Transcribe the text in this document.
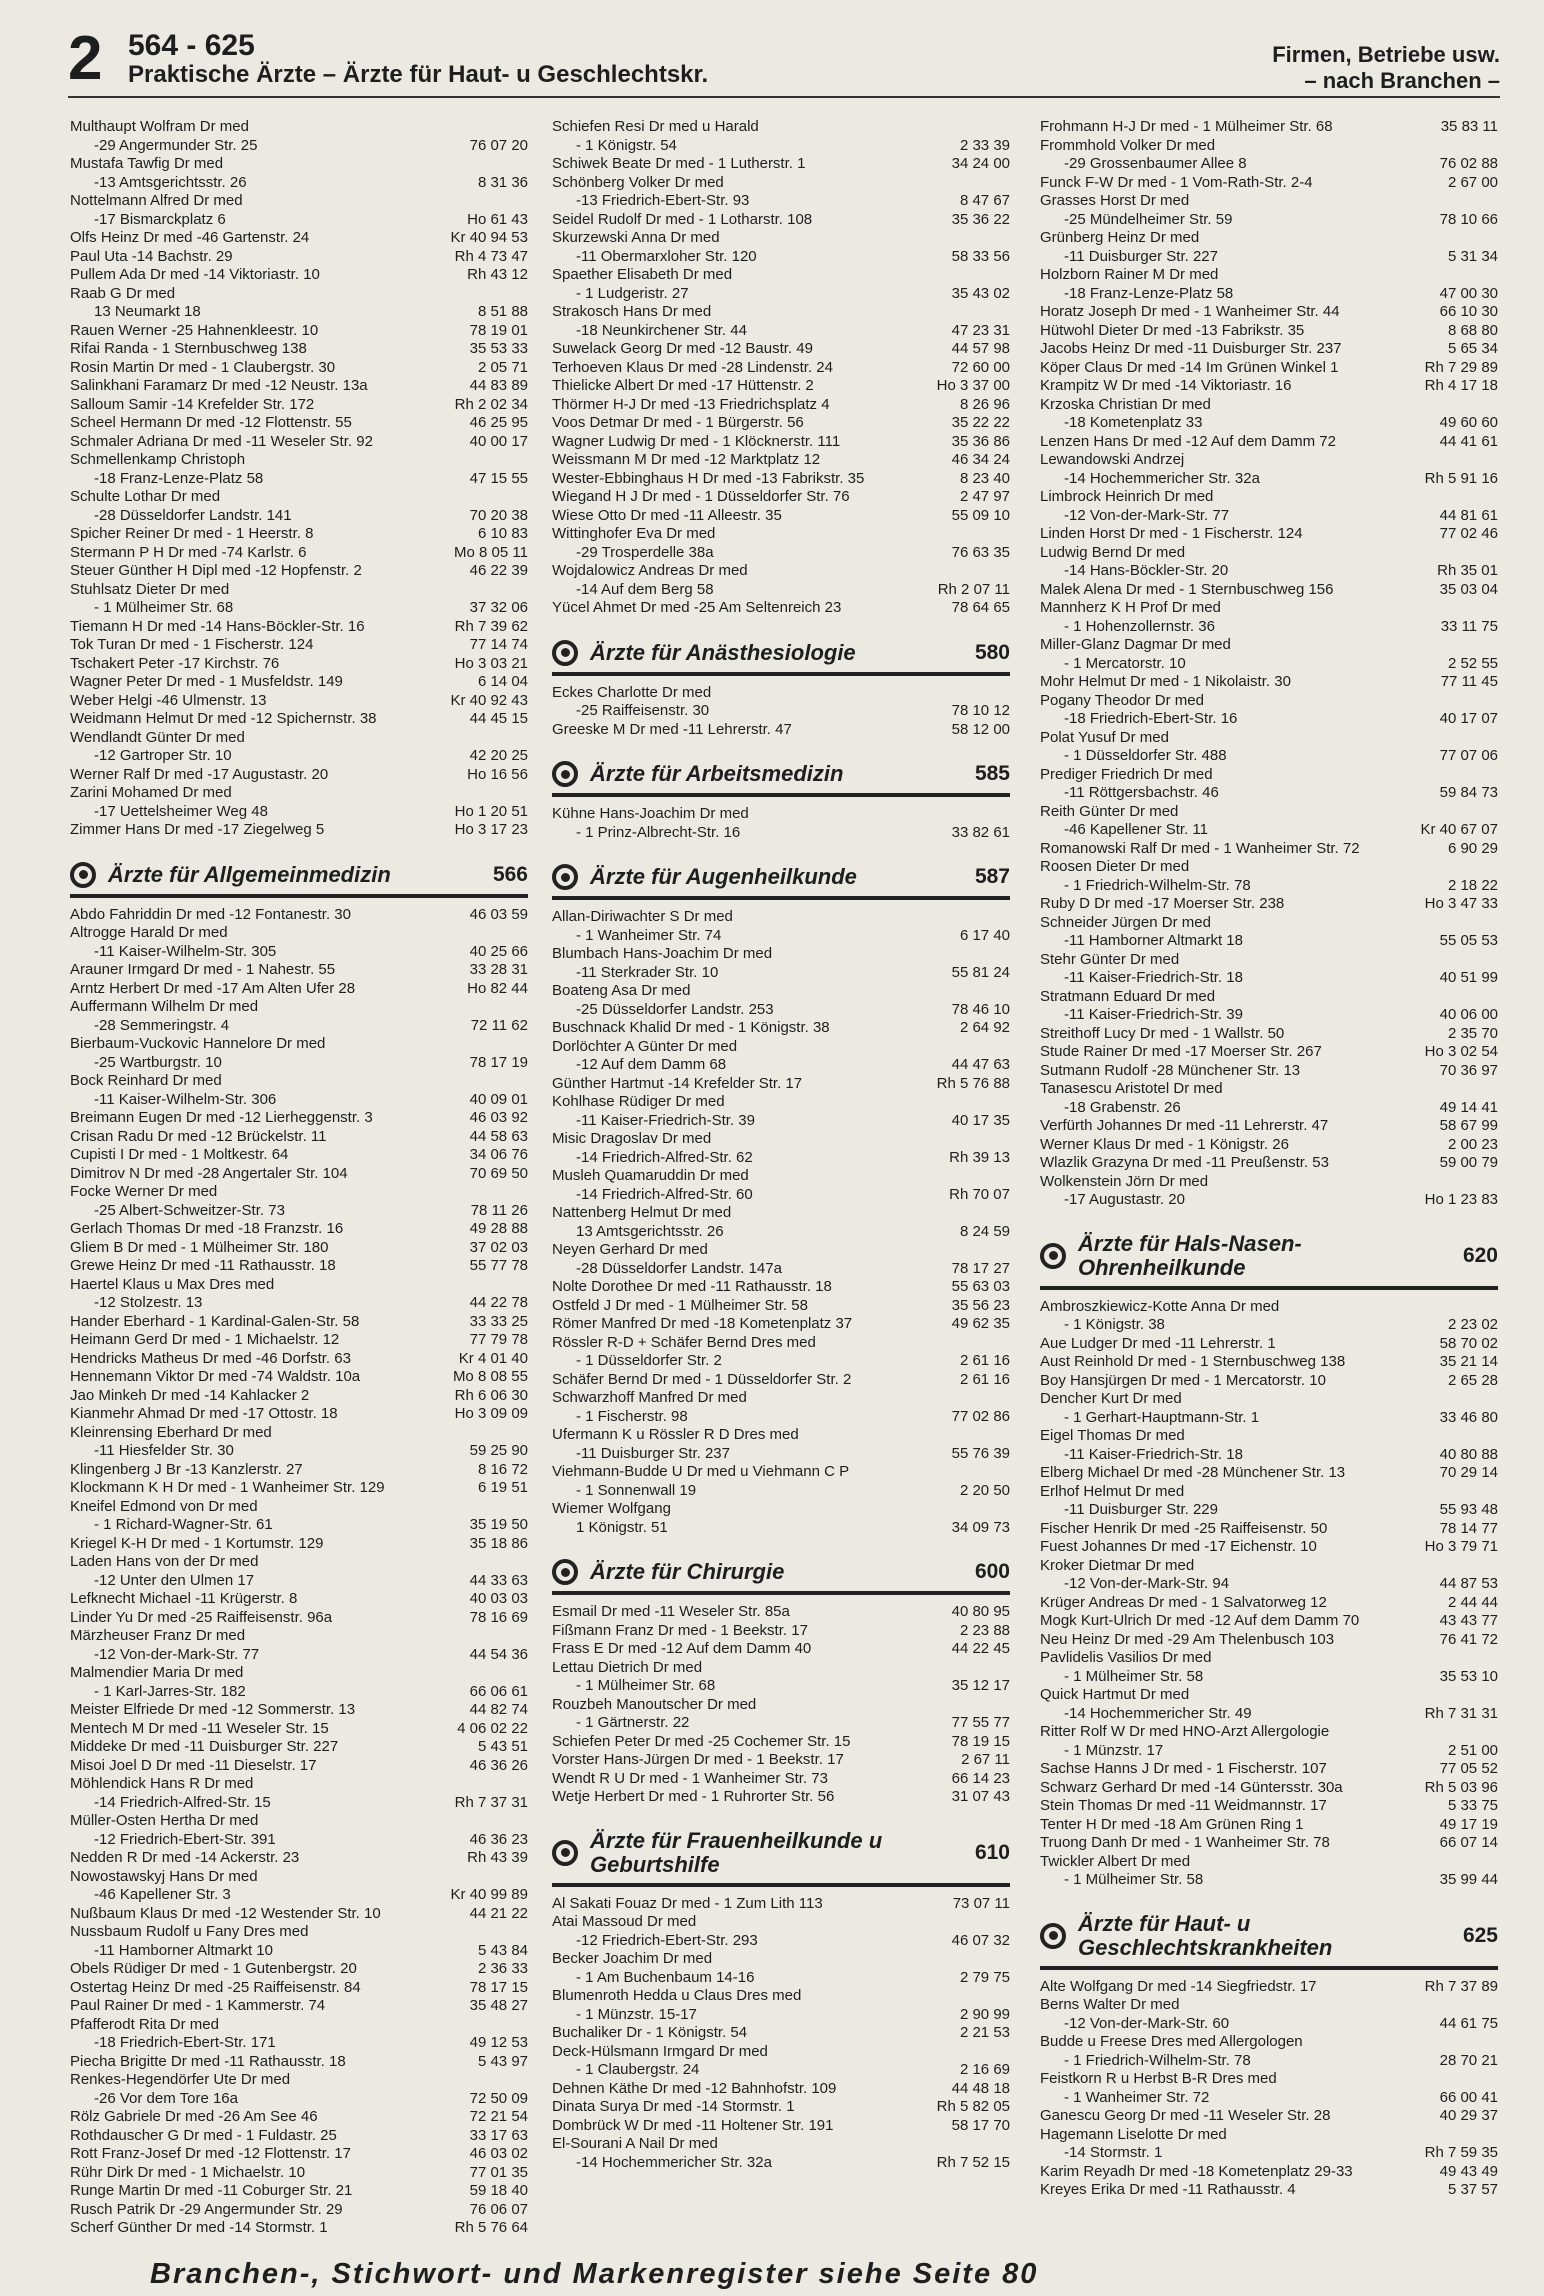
2 564 - 625
Praktische Ärzte – Ärzte für Haut- u Geschlechtskr.
Firmen, Betriebe usw.
– nach Branchen –
Multhaupt Wolfram Dr med
-29 Angermunder Str. 25	76 07 20
Mustafa Tawfig Dr med
-13 Amtsgerichtsstr. 26	8 31 36
Nottelmann Alfred Dr med
-17 Bismarckplatz 6	Ho 61 43
Olfs Heinz Dr med -46 Gartenstr. 24	Kr 40 94 53
Paul Uta -14 Bachstr. 29	Rh 4 73 47
Pullem Ada Dr med -14 Viktoriastr. 10	Rh 43 12
Raab G Dr med
13 Neumarkt 18	8 51 88
Rauen Werner -25 Hahnenkleestr. 10	78 19 01
Rifai Randa - 1 Sternbuschweg 138	35 53 33
Rosin Martin Dr med - 1 Claubergstr. 30	2 05 71
Salinkhani Faramarz Dr med -12 Neustr. 13a	44 83 89
Salloum Samir -14 Krefelder Str. 172	Rh 2 02 34
Scheel Hermann Dr med -12 Flottenstr. 55	46 25 95
Schmaler Adriana Dr med -11 Weseler Str. 92	40 00 17
Schmellenkamp Christoph
-18 Franz-Lenze-Platz 58	47 15 55
Schulte Lothar Dr med
-28 Düsseldorfer Landstr. 141	70 20 38
Spicher Reiner Dr med - 1 Heerstr. 8	6 10 83
Stermann P H Dr med -74 Karlstr. 6	Mo 8 05 11
Steuer Günther H Dipl med -12 Hopfenstr. 2	46 22 39
Stuhlsatz Dieter Dr med
- 1 Mülheimer Str. 68	37 32 06
Tiemann H Dr med -14 Hans-Böckler-Str. 16	Rh 7 39 62
Tok Turan Dr med - 1 Fischerstr. 124	77 14 74
Tschakert Peter -17 Kirchstr. 76	Ho 3 03 21
Wagner Peter Dr med - 1 Musfeldstr. 149	6 14 04
Weber Helgi -46 Ulmenstr. 13	Kr 40 92 43
Weidmann Helmut Dr med -12 Spichernstr. 38	44 45 15
Wendlandt Günter Dr med
-12 Gartroper Str. 10	42 20 25
Werner Ralf Dr med -17 Augustastr. 20	Ho 16 56
Zarini Mohamed Dr med
-17 Uettelsheimer Weg 48	Ho 1 20 51
Zimmer Hans Dr med -17 Ziegelweg 5	Ho 3 17 23
Ärzte für Allgemeinmedizin	566
Abdo Fahriddin Dr med -12 Fontanestr. 30	46 03 59
Altrogge Harald Dr med
-11 Kaiser-Wilhelm-Str. 305	40 25 66
Arauner Irmgard Dr med - 1 Nahestr. 55	33 28 31
Arntz Herbert Dr med -17 Am Alten Ufer 28	Ho 82 44
Auffermann Wilhelm Dr med
-28 Semmeringstr. 4	72 11 62
Bierbaum-Vuckovic Hannelore Dr med
-25 Wartburgstr. 10	78 17 19
Bock Reinhard Dr med
-11 Kaiser-Wilhelm-Str. 306	40 09 01
Breimann Eugen Dr med -12 Lierheggenstr. 3	46 03 92
Crisan Radu Dr med -12 Brückelstr. 11	44 58 63
Cupisti I Dr med - 1 Moltkestr. 64	34 06 76
Dimitrov N Dr med -28 Angertaler Str. 104	70 69 50
Focke Werner Dr med
-25 Albert-Schweitzer-Str. 73	78 11 26
Gerlach Thomas Dr med -18 Franzstr. 16	49 28 88
Gliem B Dr med - 1 Mülheimer Str. 180	37 02 03
Grewe Heinz Dr med -11 Rathausstr. 18	55 77 78
Haertel Klaus u Max Dres med
-12 Stolzestr. 13	44 22 78
Hander Eberhard - 1 Kardinal-Galen-Str. 58	33 33 25
Heimann Gerd Dr med - 1 Michaelstr. 12	77 79 78
Hendricks Matheus Dr med -46 Dorfstr. 63	Kr 4 01 40
Hennemann Viktor Dr med -74 Waldstr. 10a	Mo 8 08 55
Jao Minkeh Dr med -14 Kahlacker 2	Rh 6 06 30
Kianmehr Ahmad Dr med -17 Ottostr. 18	Ho 3 09 09
Kleinrensing Eberhard Dr med
-11 Hiesfelder Str. 30	59 25 90
Klingenberg J Br -13 Kanzlerstr. 27	8 16 72
Klockmann K H Dr med - 1 Wanheimer Str. 129	6 19 51
Kneifel Edmond von Dr med
- 1 Richard-Wagner-Str. 61	35 19 50
Kriegel K-H Dr med - 1 Kortumstr. 129	35 18 86
Laden Hans von der Dr med
-12 Unter den Ulmen 17	44 33 63
Lefknecht Michael -11 Krügerstr. 8	40 03 03
Linder Yu Dr med -25 Raiffeisenstr. 96a	78 16 69
Märzheuser Franz Dr med
-12 Von-der-Mark-Str. 77	44 54 36
Malmendier Maria Dr med
- 1 Karl-Jarres-Str. 182	66 06 61
Meister Elfriede Dr med -12 Sommerstr. 13	44 82 74
Mentech M Dr med -11 Weseler Str. 15	4 06 02 22
Middeke Dr med -11 Duisburger Str. 227	5 43 51
Misoi Joel D Dr med -11 Dieselstr. 17	46 36 26
Möhlendick Hans R Dr med
-14 Friedrich-Alfred-Str. 15	Rh 7 37 31
Müller-Osten Hertha Dr med
-12 Friedrich-Ebert-Str. 391	46 36 23
Nedden R Dr med -14 Ackerstr. 23	Rh 43 39
Nowostawskyj Hans Dr med
-46 Kapellener Str. 3	Kr 40 99 89
Nußbaum Klaus Dr med -12 Westender Str. 10	44 21 22
Nussbaum Rudolf u Fany Dres med
-11 Hamborner Altmarkt 10	5 43 84
Obels Rüdiger Dr med - 1 Gutenbergstr. 20	2 36 33
Ostertag Heinz Dr med -25 Raiffeisenstr. 84	78 17 15
Paul Rainer Dr med - 1 Kammerstr. 74	35 48 27
Pfafferodt Rita Dr med
-18 Friedrich-Ebert-Str. 171	49 12 53
Piecha Brigitte Dr med -11 Rathausstr. 18	5 43 97
Renkes-Hegendörfer Ute Dr med
-26 Vor dem Tore 16a	72 50 09
Rölz Gabriele Dr med -26 Am See 46	72 21 54
Rothdauscher G Dr med - 1 Fuldastr. 25	33 17 63
Rott Franz-Josef Dr med -12 Flottenstr. 17	46 03 02
Rühr Dirk Dr med - 1 Michaelstr. 10	77 01 35
Runge Martin Dr med -11 Coburger Str. 21	59 18 40
Rusch Patrik Dr -29 Angermunder Str. 29	76 06 07
Scherf Günther Dr med -14 Stormstr. 1	Rh 5 76 64
Schiefen Resi Dr med u Harald
- 1 Königstr. 54	2 33 39
Schiwek Beate Dr med - 1 Lutherstr. 1	34 24 00
Schönberg Volker Dr med
-13 Friedrich-Ebert-Str. 93	8 47 67
Seidel Rudolf Dr med - 1 Lotharstr. 108	35 36 22
Skurzewski Anna Dr med
-11 Obermarxloher Str. 120	58 33 56
Spaether Elisabeth Dr med
- 1 Ludgeristr. 27	35 43 02
Strakosch Hans Dr med
-18 Neunkirchener Str. 44	47 23 31
Suwelack Georg Dr med -12 Baustr. 49	44 57 98
Terhoeven Klaus Dr med -28 Lindenstr. 24	72 60 00
Thielicke Albert Dr med -17 Hüttenstr. 2	Ho 3 37 00
Thörmer H-J Dr med -13 Friedrichsplatz 4	8 26 96
Voos Detmar Dr med - 1 Bürgerstr. 56	35 22 22
Wagner Ludwig Dr med - 1 Klöcknerstr. 111	35 36 86
Weissmann M Dr med -12 Marktplatz 12	46 34 24
Wester-Ebbinghaus H Dr med -13 Fabrikstr. 35	8 23 40
Wiegand H J Dr med - 1 Düsseldorfer Str. 76	2 47 97
Wiese Otto Dr med -11 Alleestr. 35	55 09 10
Wittinghofer Eva Dr med
-29 Trosperdelle 38a	76 63 35
Wojdalowicz Andreas Dr med
-14 Auf dem Berg 58	Rh 2 07 11
Yücel Ahmet Dr med -25 Am Seltenreich 23	78 64 65
Ärzte für Anästhesiologie	580
Eckes Charlotte Dr med
-25 Raiffeisenstr. 30	78 10 12
Greeske M Dr med -11 Lehrerstr. 47	58 12 00
Ärzte für Arbeitsmedizin	585
Kühne Hans-Joachim Dr med
- 1 Prinz-Albrecht-Str. 16	33 82 61
Ärzte für Augenheilkunde	587
Allan-Diriwachter S Dr med
- 1 Wanheimer Str. 74	6 17 40
Blumbach Hans-Joachim Dr med
-11 Sterkrader Str. 10	55 81 24
Boateng Asa Dr med
-25 Düsseldorfer Landstr. 253	78 46 10
Buschnack Khalid Dr med - 1 Königstr. 38	2 64 92
Dorlöchter A Günter Dr med
-12 Auf dem Damm 68	44 47 63
Günther Hartmut -14 Krefelder Str. 17	Rh 5 76 88
Kohlhase Rüdiger Dr med
-11 Kaiser-Friedrich-Str. 39	40 17 35
Misic Dragoslav Dr med
-14 Friedrich-Alfred-Str. 62	Rh 39 13
Musleh Quamaruddin Dr med
-14 Friedrich-Alfred-Str. 60	Rh 70 07
Nattenberg Helmut Dr med
13 Amtsgerichtsstr. 26	8 24 59
Neyen Gerhard Dr med
-28 Düsseldorfer Landstr. 147a	78 17 27
Nolte Dorothee Dr med -11 Rathausstr. 18	55 63 03
Ostfeld J Dr med - 1 Mülheimer Str. 58	35 56 23
Römer Manfred Dr med -18 Kometenplatz 37	49 62 35
Rössler R-D + Schäfer Bernd Dres med
- 1 Düsseldorfer Str. 2	2 61 16
Schäfer Bernd Dr med - 1 Düsseldorfer Str. 2	2 61 16
Schwarzhoff Manfred Dr med
- 1 Fischerstr. 98	77 02 86
Ufermann K u Rössler R D Dres med
-11 Duisburger Str. 237	55 76 39
Viehmann-Budde U Dr med u Viehmann C P
- 1 Sonnenwall 19	2 20 50
Wiemer Wolfgang
1 Königstr. 51	34 09 73
Ärzte für Chirurgie	600
Esmail Dr med -11 Weseler Str. 85a	40 80 95
Fißmann Franz Dr med - 1 Beekstr. 17	2 23 88
Frass E Dr med -12 Auf dem Damm 40	44 22 45
Lettau Dietrich Dr med
- 1 Mülheimer Str. 68	35 12 17
Rouzbeh Manoutscher Dr med
- 1 Gärtnerstr. 22	77 55 77
Schiefen Peter Dr med -25 Cochemer Str. 15	78 19 15
Vorster Hans-Jürgen Dr med - 1 Beekstr. 17	2 67 11
Wendt R U Dr med - 1 Wanheimer Str. 73	66 14 23
Wetje Herbert Dr med - 1 Ruhrorter Str. 56	31 07 43
Ärzte für Frauenheilkunde u Geburtshilfe	610
Al Sakati Fouaz Dr med - 1 Zum Lith 113	73 07 11
Atai Massoud Dr med
-12 Friedrich-Ebert-Str. 293	46 07 32
Becker Joachim Dr med
- 1 Am Buchenbaum 14-16	2 79 75
Blumenroth Hedda u Claus Dres med
- 1 Münzstr. 15-17	2 90 99
Buchaliker Dr - 1 Königstr. 54	2 21 53
Deck-Hülsmann Irmgard Dr med
- 1 Claubergstr. 24	2 16 69
Dehnen Käthe Dr med -12 Bahnhofstr. 109	44 48 18
Dinata Surya Dr med -14 Stormstr. 1	Rh 5 82 05
Dombrück W Dr med -11 Holtener Str. 191	58 17 70
El-Sourani A Nail Dr med
-14 Hochemmericher Str. 32a	Rh 7 52 15
Frohmann H-J Dr med - 1 Mülheimer Str. 68	35 83 11
Frommhold Volker Dr med
-29 Grossenbaumer Allee 8	76 02 88
Funck F-W Dr med - 1 Vom-Rath-Str. 2-4	2 67 00
Grasses Horst Dr med
-25 Mündelheimer Str. 59	78 10 66
Grünberg Heinz Dr med
-11 Duisburger Str. 227	5 31 34
Holzborn Rainer M Dr med
-18 Franz-Lenze-Platz 58	47 00 30
Horatz Joseph Dr med - 1 Wanheimer Str. 44	66 10 30
Hütwohl Dieter Dr med -13 Fabrikstr. 35	8 68 80
Jacobs Heinz Dr med -11 Duisburger Str. 237	5 65 34
Köper Claus Dr med -14 Im Grünen Winkel 1	Rh 7 29 89
Krampitz W Dr med -14 Viktoriastr. 16	Rh 4 17 18
Krzoska Christian Dr med
-18 Kometenplatz 33	49 60 60
Lenzen Hans Dr med -12 Auf dem Damm 72	44 41 61
Lewandowski Andrzej
-14 Hochemmericher Str. 32a	Rh 5 91 16
Limbrock Heinrich Dr med
-12 Von-der-Mark-Str. 77	44 81 61
Linden Horst Dr med - 1 Fischerstr. 124	77 02 46
Ludwig Bernd Dr med
-14 Hans-Böckler-Str. 20	Rh 35 01
Malek Alena Dr med - 1 Sternbuschweg 156	35 03 04
Mannherz K H Prof Dr med
- 1 Hohenzollernstr. 36	33 11 75
Miller-Glanz Dagmar Dr med
- 1 Mercatorstr. 10	2 52 55
Mohr Helmut Dr med - 1 Nikolaistr. 30	77 11 45
Pogany Theodor Dr med
-18 Friedrich-Ebert-Str. 16	40 17 07
Polat Yusuf Dr med
- 1 Düsseldorfer Str. 488	77 07 06
Prediger Friedrich Dr med
-11 Röttgersbachstr. 46	59 84 73
Reith Günter Dr med
-46 Kapellener Str. 11	Kr 40 67 07
Romanowski Ralf Dr med - 1 Wanheimer Str. 72	6 90 29
Roosen Dieter Dr med
- 1 Friedrich-Wilhelm-Str. 78	2 18 22
Ruby D Dr med -17 Moerser Str. 238	Ho 3 47 33
Schneider Jürgen Dr med
-11 Hamborner Altmarkt 18	55 05 53
Stehr Günter Dr med
-11 Kaiser-Friedrich-Str. 18	40 51 99
Stratmann Eduard Dr med
-11 Kaiser-Friedrich-Str. 39	40 06 00
Streithoff Lucy Dr med - 1 Wallstr. 50	2 35 70
Stude Rainer Dr med -17 Moerser Str. 267	Ho 3 02 54
Sutmann Rudolf -28 Münchener Str. 13	70 36 97
Tanasescu Aristotel Dr med
-18 Grabenstr. 26	49 14 41
Verfürth Johannes Dr med -11 Lehrerstr. 47	58 67 99
Werner Klaus Dr med - 1 Königstr. 26	2 00 23
Wlazlik Grazyna Dr med -11 Preußenstr. 53	59 00 79
Wolkenstein Jörn Dr med
-17 Augustastr. 20	Ho 1 23 83
Ärzte für Hals-Nasen-Ohrenheilkunde	620
Ambroszkiewicz-Kotte Anna Dr med
- 1 Königstr. 38	2 23 02
Aue Ludger Dr med -11 Lehrerstr. 1	58 70 02
Aust Reinhold Dr med - 1 Sternbuschweg 138	35 21 14
Boy Hansjürgen Dr med - 1 Mercatorstr. 10	2 65 28
Dencher Kurt Dr med
- 1 Gerhart-Hauptmann-Str. 1	33 46 80
Eigel Thomas Dr med
-11 Kaiser-Friedrich-Str. 18	40 80 88
Elberg Michael Dr med -28 Münchener Str. 13	70 29 14
Erlhof Helmut Dr med
-11 Duisburger Str. 229	55 93 48
Fischer Henrik Dr med -25 Raiffeisenstr. 50	78 14 77
Fuest Johannes Dr med -17 Eichenstr. 10	Ho 3 79 71
Kroker Dietmar Dr med
-12 Von-der-Mark-Str. 94	44 87 53
Krüger Andreas Dr med - 1 Salvatorweg 12	2 44 44
Mogk Kurt-Ulrich Dr med -12 Auf dem Damm 70	43 43 77
Neu Heinz Dr med -29 Am Thelenbusch 103	76 41 72
Pavlidelis Vasilios Dr med
- 1 Mülheimer Str. 58	35 53 10
Quick Hartmut Dr med
-14 Hochemmericher Str. 49	Rh 7 31 31
Ritter Rolf W Dr med HNO-Arzt Allergologie
- 1 Münzstr. 17	2 51 00
Sachse Hanns J Dr med - 1 Fischerstr. 107	77 05 52
Schwarz Gerhard Dr med -14 Güntersstr. 30a	Rh 5 03 96
Stein Thomas Dr med -11 Weidmannstr. 17	5 33 75
Tenter H Dr med -18 Am Grünen Ring 1	49 17 19
Truong Danh Dr med - 1 Wanheimer Str. 78	66 07 14
Twickler Albert Dr med
- 1 Mülheimer Str. 58	35 99 44
Ärzte für Haut- u Geschlechtskrankheiten	625
Alte Wolfgang Dr med -14 Siegfriedstr. 17	Rh 7 37 89
Berns Walter Dr med
-12 Von-der-Mark-Str. 60	44 61 75
Budde u Freese Dres med Allergologen
- 1 Friedrich-Wilhelm-Str. 78	28 70 21
Feistkorn R u Herbst B-R Dres med
- 1 Wanheimer Str. 72	66 00 41
Ganescu Georg Dr med -11 Weseler Str. 28	40 29 37
Hagemann Liselotte Dr med
-14 Stormstr. 1	Rh 7 59 35
Karim Reyadh Dr med -18 Kometenplatz 29-33	49 43 49
Kreyes Erika Dr med -11 Rathausstr. 4	5 37 57
Branchen-, Stichwort- und Markenregister siehe Seite 80
